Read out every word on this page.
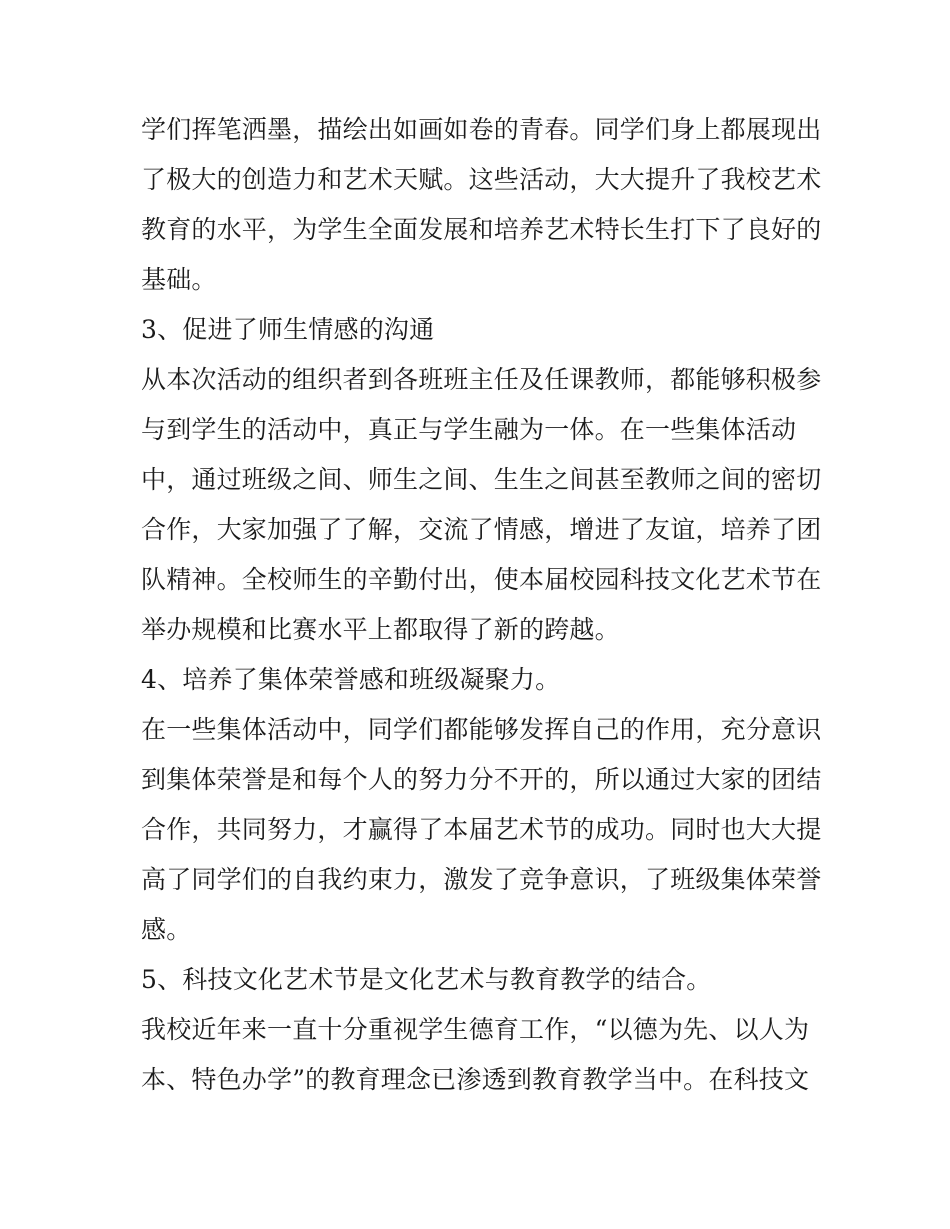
学们挥笔洒墨，描绘出如画如卷的青春。同学们身上都展现出
了极大的创造力和艺术天赋。这些活动，大大提升了我校艺术
教育的水平，为学生全面发展和培养艺术特长生打下了良好的
基础。
3、促进了师生情感的沟通
从本次活动的组织者到各班班主任及任课教师，都能够积极参
与到学生的活动中，真正与学生融为一体。在一些集体活动
中，通过班级之间、师生之间、生生之间甚至教师之间的密切
合作，大家加强了了解，交流了情感，增进了友谊，培养了团
队精神。全校师生的辛勤付出，使本届校园科技文化艺术节在
举办规模和比赛水平上都取得了新的跨越。
4、培养了集体荣誉感和班级凝聚力。
在一些集体活动中，同学们都能够发挥自己的作用，充分意识
到集体荣誉是和每个人的努力分不开的，所以通过大家的团结
合作，共同努力，才赢得了本届艺术节的成功。同时也大大提
高了同学们的自我约束力，激发了竞争意识，了班级集体荣誉
感。
5、科技文化艺术节是文化艺术与教育教学的结合。
我校近年来一直十分重视学生德育工作，“以德为先、以人为
本、特色办学”的教育理念已渗透到教育教学当中。在科技文
